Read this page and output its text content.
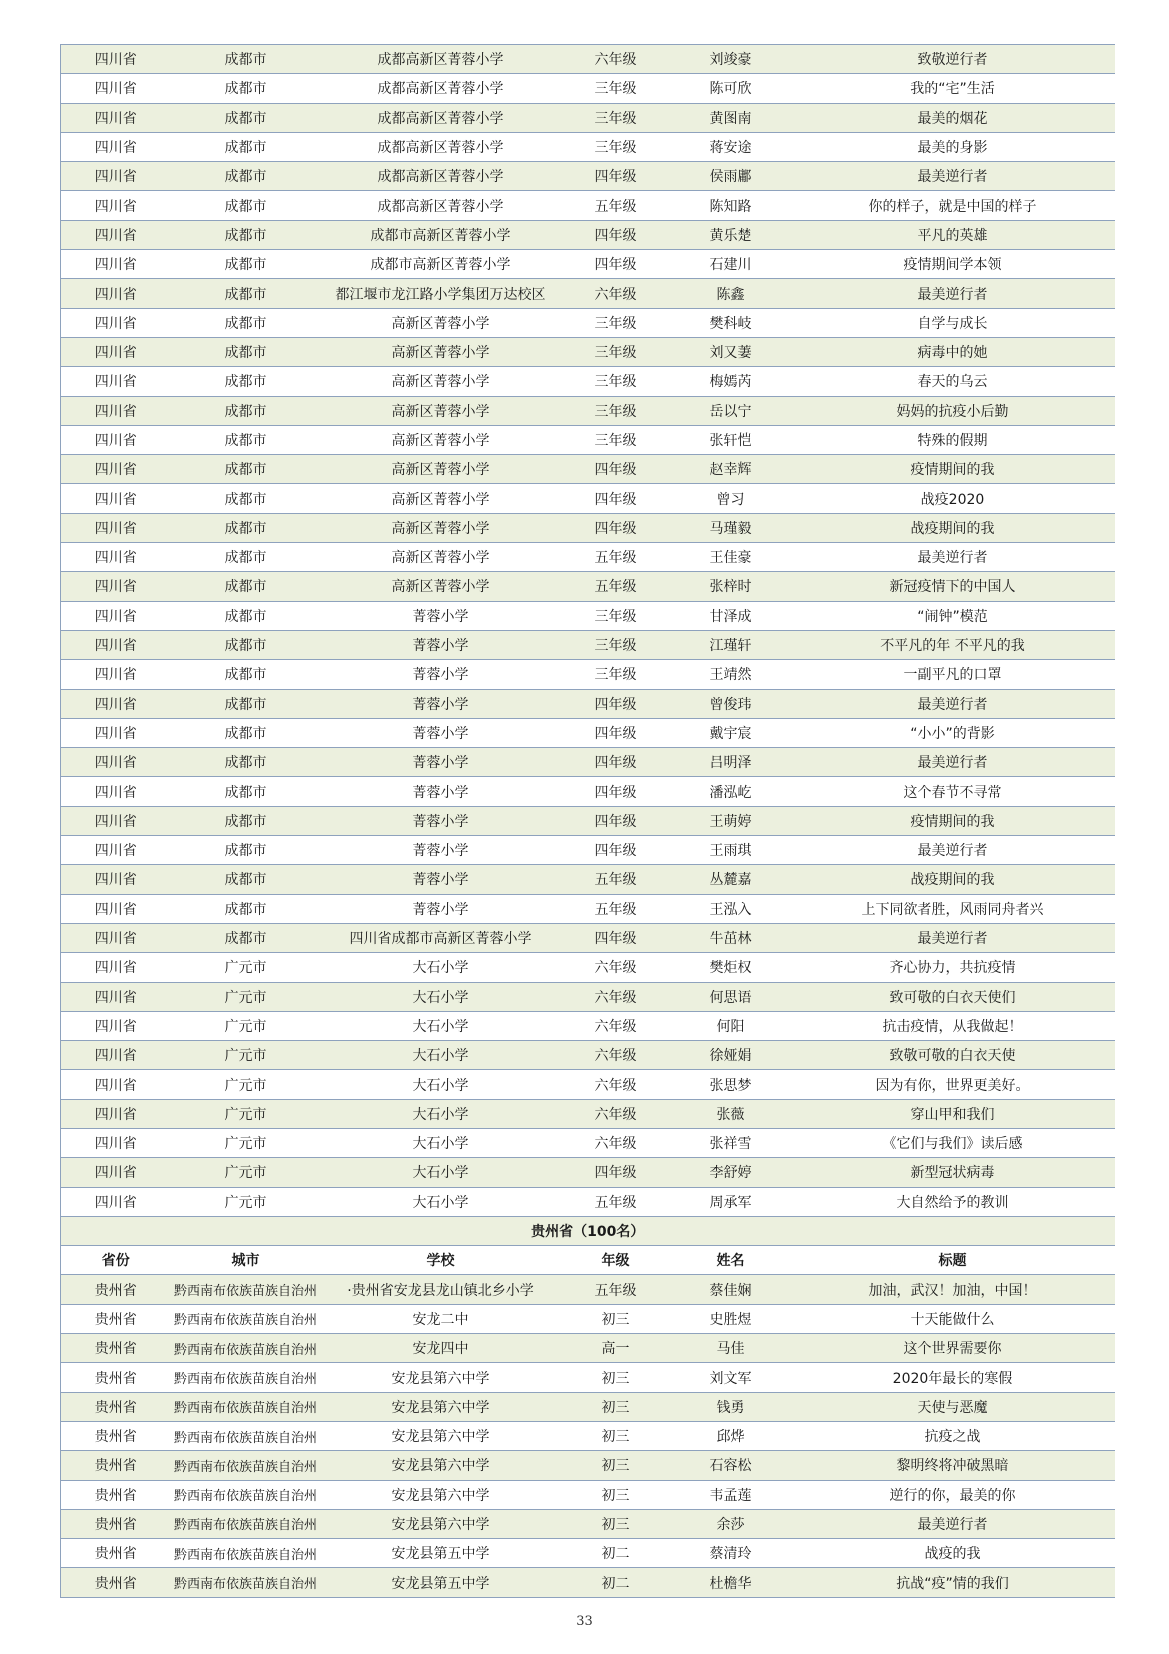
四川省	成都市	成都高新区菁蓉小学	六年级	刘竣豪	致敬逆行者
四川省	成都市	成都高新区菁蓉小学	三年级	陈可欣	我的“宅”生活
四川省	成都市	成都高新区菁蓉小学	三年级	黄图南	最美的烟花
四川省	成都市	成都高新区菁蓉小学	三年级	蒋安途	最美的身影
四川省	成都市	成都高新区菁蓉小学	四年级	侯雨鄘	最美逆行者
四川省	成都市	成都高新区菁蓉小学	五年级	陈知路	你的样子，就是中国的样子
四川省	成都市	成都市高新区菁蓉小学	四年级	黄乐楚	平凡的英雄
四川省	成都市	成都市高新区菁蓉小学	四年级	石建川	疫情期间学本领
四川省	成都市	都江堰市龙江路小学集团万达校区	六年级	陈鑫	最美逆行者
四川省	成都市	高新区菁蓉小学	三年级	樊科岐	自学与成长
四川省	成都市	高新区菁蓉小学	三年级	刘又萋	病毒中的她
四川省	成都市	高新区菁蓉小学	三年级	梅嫣芮	春天的乌云
四川省	成都市	高新区菁蓉小学	三年级	岳以宁	妈妈的抗疫小后勤
四川省	成都市	高新区菁蓉小学	三年级	张轩恺	特殊的假期
四川省	成都市	高新区菁蓉小学	四年级	赵幸辉	疫情期间的我
四川省	成都市	高新区菁蓉小学	四年级	曾习	战疫2020
四川省	成都市	高新区菁蓉小学	四年级	马瑾毅	战疫期间的我
四川省	成都市	高新区菁蓉小学	五年级	王佳豪	最美逆行者
四川省	成都市	高新区菁蓉小学	五年级	张梓时	新冠疫情下的中国人
四川省	成都市	菁蓉小学	三年级	甘泽成	“闹钟”模范
四川省	成都市	菁蓉小学	三年级	江瑾轩	不平凡的年 不平凡的我
四川省	成都市	菁蓉小学	三年级	王靖然	一副平凡的口罩
四川省	成都市	菁蓉小学	四年级	曾俊玮	最美逆行者
四川省	成都市	菁蓉小学	四年级	戴宇宸	“小小”的背影
四川省	成都市	菁蓉小学	四年级	吕明泽	最美逆行者
四川省	成都市	菁蓉小学	四年级	潘泓屹	这个春节不寻常
四川省	成都市	菁蓉小学	四年级	王萌婷	疫情期间的我
四川省	成都市	菁蓉小学	四年级	王雨琪	最美逆行者
四川省	成都市	菁蓉小学	五年级	丛麓嘉	战疫期间的我
四川省	成都市	菁蓉小学	五年级	王泓入	上下同欲者胜，风雨同舟者兴
四川省	成都市	四川省成都市高新区菁蓉小学	四年级	牛茁林	最美逆行者
四川省	广元市	大石小学	六年级	樊炬权	齐心协力，共抗疫情
四川省	广元市	大石小学	六年级	何思语	致可敬的白衣天使们
四川省	广元市	大石小学	六年级	何阳	抗击疫情，从我做起！
四川省	广元市	大石小学	六年级	徐娅娟	致敬可敬的白衣天使
四川省	广元市	大石小学	六年级	张思梦	因为有你，世界更美好。
四川省	广元市	大石小学	六年级	张薇	穿山甲和我们
四川省	广元市	大石小学	六年级	张祥雪	《它们与我们》读后感
四川省	广元市	大石小学	四年级	李舒婷	新型冠状病毒
四川省	广元市	大石小学	五年级	周承军	大自然给予的教训
贵州省（100名）					
省份	城市	学校	年级	姓名	标题
贵州省	黔西南布依族苗族自治州	·贵州省安龙县龙山镇北乡小学	五年级	蔡佳娴	加油，武汉！加油，中国！
贵州省	黔西南布依族苗族自治州	安龙二中	初三	史胜煜	十天能做什么
贵州省	黔西南布依族苗族自治州	安龙四中	高一	马佳	这个世界需要你
贵州省	黔西南布依族苗族自治州	安龙县第六中学	初三	刘文军	2020年最长的寒假
贵州省	黔西南布依族苗族自治州	安龙县第六中学	初三	钱勇	天使与恶魔
贵州省	黔西南布依族苗族自治州	安龙县第六中学	初三	邱烨	抗疫之战
贵州省	黔西南布依族苗族自治州	安龙县第六中学	初三	石容松	黎明终将冲破黑暗
贵州省	黔西南布依族苗族自治州	安龙县第六中学	初三	韦孟莲	逆行的你，最美的你
贵州省	黔西南布依族苗族自治州	安龙县第六中学	初三	余莎	最美逆行者
贵州省	黔西南布依族苗族自治州	安龙县第五中学	初二	蔡清玲	战疫的我
贵州省	黔西南布依族苗族自治州	安龙县第五中学	初二	杜檐华	抗战“疫”情的我们
33
